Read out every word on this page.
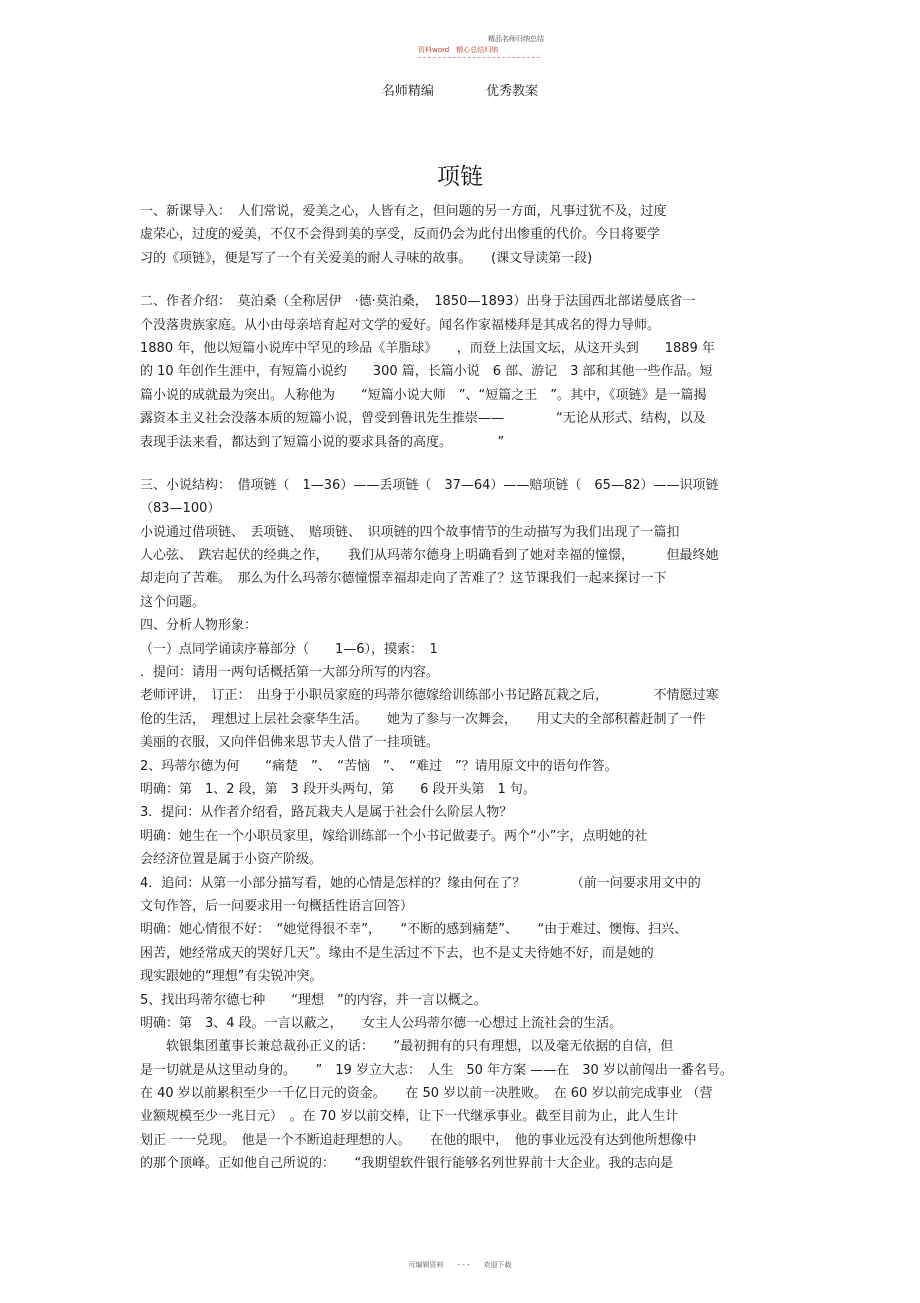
精品名师归纳总结
资料word　精心总结归纳
名师精编	优秀教案
项链
一、新课导入：　人们常说，爱美之心，人皆有之，但问题的另一方面，凡事过犹不及，过度
虚荣心，过度的爱美，不仅不会得到美的享受，反而仍会为此付出惨重的代价。今日将要学
习的《项链》，便是写了一个有关爱美的耐人寻味的故事。　　(课文导读第一段)
二、作者介绍：　莫泊桑（全称居伊　·德·莫泊桑，　1850—1893）出身于法国西北部诺曼底省一
个没落贵族家庭。从小由母亲培育起对文学的爱好。闻名作家福楼拜是其成名的得力导师。
1880 年，他以短篇小说库中罕见的珍品《羊脂球》　　，而登上法国文坛，从这开头到　　1889 年
的 10 年创作生涯中，有短篇小说约　　300 篇，长篇小说　6 部、游记　3 部和其他一些作品。短
篇小说的成就最为突出。人称他为　　“短篇小说大师　”、“短篇之王　”。其中，《项链》是一篇揭
露资本主义社会没落本质的短篇小说，曾受到鲁讯先生推崇——　　　　“无论从形式、结构，以及
表现手法来看，都达到了短篇小说的要求具备的高度。　　　　”
三、小说结构：　借项链（　1—36）——丢项链（　37—64）——赔项链（　65—82）——识项链
（83—100）
小说通过借项链、　丢项链、　赔项链、　识项链的四个故事情节的生动描写为我们出现了一篇扣
人心弦、　跌宕起伏的经典之作，　　我们从玛蒂尔德身上明确看到了她对幸福的憧憬，　　　但最终她
却走向了苦难。　那么为什么玛蒂尔德憧憬幸福却走向了苦难了？这节课我们一起来探讨一下
这个问题。
四、分析人物形象：
（一）点同学诵读序幕部分（　　1—6），摸索：　1
．提问：请用一两句话概括第一大部分所写的内容。
老师评讲，　订正：　出身于小职员家庭的玛蒂尔德嫁给训练部小书记路瓦栽之后，　　　　不情愿过寒
伧的生活，　理想过上层社会豪华生活。　　她为了参与一次舞会，　　用丈夫的全部积蓄赶制了一件
美丽的衣服，又向伴侣佛来思节夫人借了一挂项链。
2、玛蒂尔德为何　　“痛楚　”、　“苦恼　”、　“难过　”？请用原文中的语句作答。
明确：第　1、2 段，第　3 段开头两句，第　　6 段开头第　1 句。
3．提问：从作者介绍看，路瓦栽夫人是属于社会什么阶层人物？
明确：她生在一个小职员家里，嫁给训练部一个小书记做妻子。两个“小”字，点明她的社
会经济位置是属于小资产阶级。
4．追问：从第一小部分描写看，她的心情是怎样的？缘由何在了？　　　　（前一问要求用文中的
文句作答，后一问要求用一句概括性语言回答）
明确：她心情很不好：　“她觉得很不幸”，　　“不断的感到痛楚”、　　“由于难过、懊悔、扫兴、
困苦，她经常成天的哭好几天”。缘由不是生活过不下去，也不是丈夫待她不好，而是她的
现实跟她的“理想”有尖锐冲突。
5、找出玛蒂尔德七种　　“理想　”的内容，并一言以概之。
明确：第　3、4 段。一言以蔽之，　　女主人公玛蒂尔德一心想过上流社会的生活。
　　软银集团董事长兼总裁孙正义的话：　　“最初拥有的只有理想，以及毫无依据的自信，但
是一切就是从这里动身的。　　”　19 岁立大志：　人生　50 年方案 ——在　30 岁以前闯出一番名号。
在 40 岁以前累积至少一千亿日元的资金。　　在 50 岁以前一决胜败。　在 60 岁以前完成事业 （营
业额规模至少一兆日元）　。在 70 岁以前交棒，让下一代继承事业。截至目前为止，此人生计
划正 一一兑现。　他是一个不断追赶理想的人。　　在他的眼中，　他的事业远没有达到他所想像中
的那个顶峰。正如他自己所说的：　　“我期望软件银行能够名列世界前十大企业。我的志向是
可编辑资料　　- - -　　欢迎下载
